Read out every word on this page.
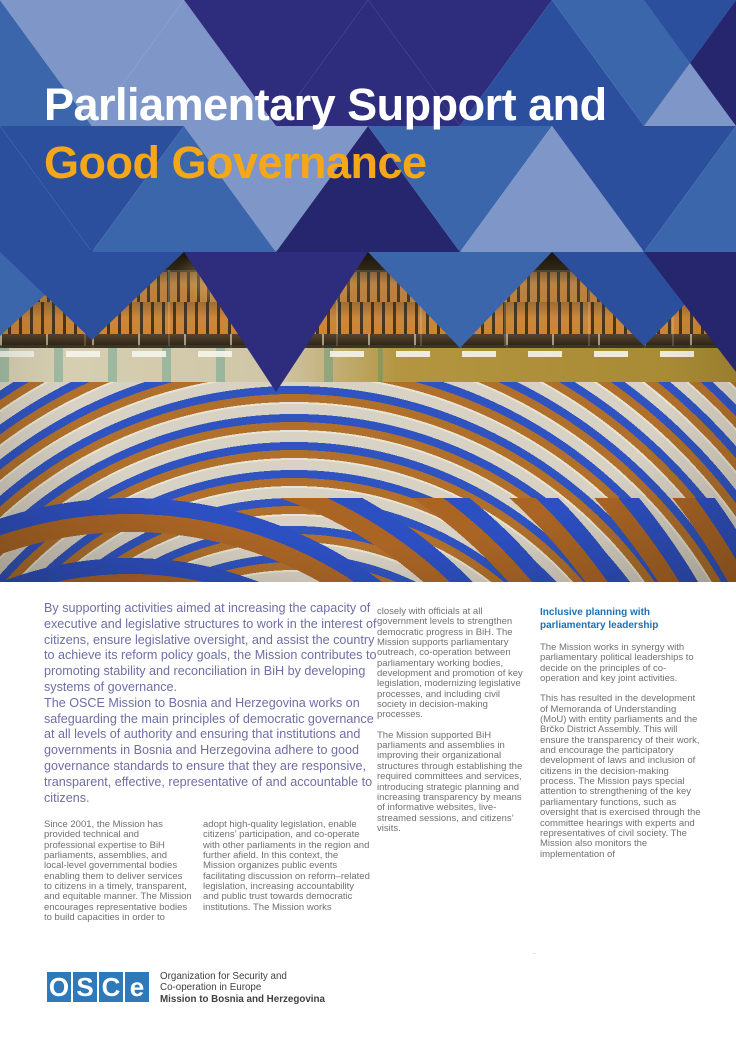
Parliamentary Support and
Good Governance

By supporting activities aimed at increasing the capacity of executive and legislative structures to work in the interest of citizens, ensure legislative oversight, and assist the country to achieve its reform policy goals, the Mission contributes to promoting stability and reconciliation in BiH by developing systems of governance.

The OSCE Mission to Bosnia and Herzegovina works on safeguarding the main principles of democratic governance at all levels of authority and ensuring that institutions and governments in Bosnia and Herzegovina adhere to good governance standards to ensure that they are responsive, transparent, effective, representative of and accountable to citizens.

Since 2001, the Mission has provided technical and professional expertise to BiH parliaments, assemblies, and local-level governmental bodies enabling them to deliver services to citizens in a timely, transparent, and equitable manner. The Mission encourages representative bodies to build capacities in order to

adopt high-quality legislation, enable citizens’ participation, and co-operate with other parliaments in the region and further afield. In this context, the Mission organizes public events facilitating discussion on reform–related legislation, increasing accountability and public trust towards democratic institutions. The Mission works

closely with officials at all government levels to strengthen democratic progress in BiH. The Mission supports parliamentary outreach, co-operation between parliamentary working bodies, development and promotion of key legislation, modernizing legislative processes, and including civil society in decision-making processes.

The Mission supported BiH parliaments and assemblies in improving their organizational structures through establishing the required committees and services, introducing strategic planning and increasing transparency by means of informative websites, live-streamed sessions, and citizens’ visits.

Inclusive planning with parliamentary leadership

The Mission works in synergy with parliamentary political leaderships to decide on the principles of co-operation and key joint activities.

This has resulted in the development of Memoranda of Understanding (MoU) with entity parliaments and the Brčko District Assembly. This will ensure the transparency of their work, and encourage the participatory development of laws and inclusion of citizens in the decision-making process. The Mission pays special attention to strengthening of the key parliamentary functions, such as oversight that is exercised through the committee hearings with experts and representatives of civil society. The Mission also monitors the implementation of

.
O S C e Organization for Security and
Co-operation in Europe
Mission to Bosnia and Herzegovina
